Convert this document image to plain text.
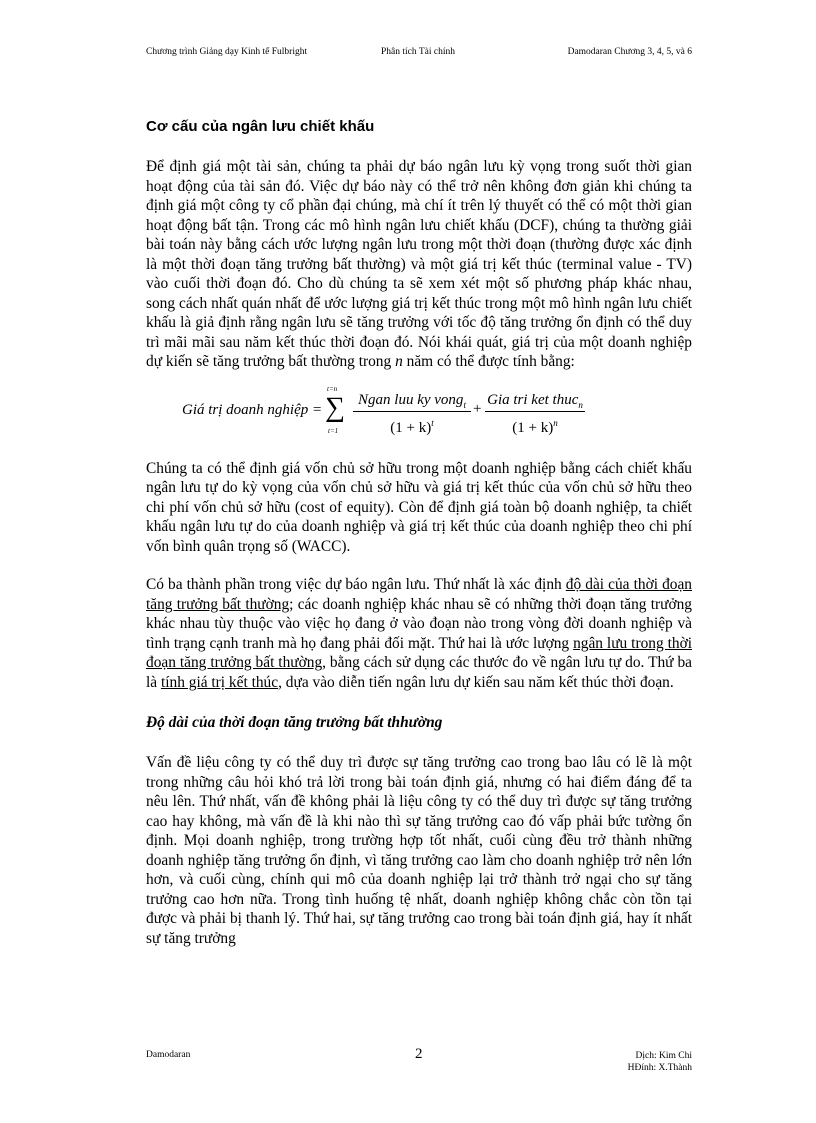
Chương trình Giảng dạy Kinh tế Fulbright	Phân tích Tài chính	Damodaran Chương 3, 4, 5, và 6
Cơ cấu của ngân lưu chiết khấu

Để định giá một tài sản, chúng ta phải dự báo ngân lưu kỳ vọng trong suốt thời gian hoạt động của tài sản đó. Việc dự báo này có thể trở nên không đơn giản khi chúng ta định giá một công ty cổ phần đại chúng, mà chí ít trên lý thuyết có thể có một thời gian hoạt động bất tận. Trong các mô hình ngân lưu chiết khấu (DCF), chúng ta thường giải bài toán này bằng cách ước lượng ngân lưu trong một thời đoạn (thường được xác định là một thời đoạn tăng trưởng bất thường) và một giá trị kết thúc (terminal value - TV) vào cuối thời đoạn đó. Cho dù chúng ta sẽ xem xét một số phương pháp khác nhau, song cách nhất quán nhất để ước lượng giá trị kết thúc trong một mô hình ngân lưu chiết khấu là giả định rằng ngân lưu sẽ tăng trưởng với tốc độ tăng trưởng ổn định có thể duy trì mãi mãi sau năm kết thúc thời đoạn đó. Nói khái quát, giá trị của một doanh nghiệp dự kiến sẽ tăng trưởng bất thường trong n năm có thể được tính bằng:

Giá trị doanh nghiệp =
t=n
∑
t=1
Ngan luu ky vong$_t$
$(1 + k)^t$
+
Gia tri ket thuc$_n$
$(1 + k)^n$

Chúng ta có thể định giá vốn chủ sở hữu trong một doanh nghiệp bằng cách chiết khấu ngân lưu tự do kỳ vọng của vốn chủ sở hữu và giá trị kết thúc của vốn chủ sở hữu theo chi phí vốn chủ sở hữu (cost of equity). Còn để định giá toàn bộ doanh nghiệp, ta chiết khấu ngân lưu tự do của doanh nghiệp và giá trị kết thúc của doanh nghiệp theo chi phí vốn bình quân trọng số (WACC).

Có ba thành phần trong việc dự báo ngân lưu. Thứ nhất là xác định độ dài của thời đoạn tăng trưởng bất thường; các doanh nghiệp khác nhau sẽ có những thời đoạn tăng trưởng khác nhau tùy thuộc vào việc họ đang ở vào đoạn nào trong vòng đời doanh nghiệp và tình trạng cạnh tranh mà họ đang phải đối mặt. Thứ hai là ước lượng ngân lưu trong thời đoạn tăng trưởng bất thường, bằng cách sử dụng các thước đo về ngân lưu tự do. Thứ ba là tính giá trị kết thúc, dựa vào diễn tiến ngân lưu dự kiến sau năm kết thúc thời đoạn.

Độ dài của thời đoạn tăng trưởng bất thhường

Vấn đề liệu công ty có thể duy trì được sự tăng trưởng cao trong bao lâu có lẽ là một trong những câu hỏi khó trả lời trong bài toán định giá, nhưng có hai điểm đáng để ta nêu lên. Thứ nhất, vấn đề không phải là liệu công ty có thể duy trì được sự tăng trưởng cao hay không, mà vấn đề là khi nào thì sự tăng trưởng cao đó vấp phải bức tường ổn định. Mọi doanh nghiệp, trong trường hợp tốt nhất, cuối cùng đều trở thành những doanh nghiệp tăng trưởng ổn định, vì tăng trưởng cao làm cho doanh nghiệp trở nên lớn hơn, và cuối cùng, chính qui mô của doanh nghiệp lại trở thành trở ngại cho sự tăng trưởng cao hơn nữa. Trong tình huống tệ nhất, doanh nghiệp không chắc còn tồn tại được và phải bị thanh lý. Thứ hai, sự tăng trưởng cao trong bài toán định giá, hay ít nhất sự tăng trưởng

Damodaran	2	Dịch: Kim Chi
HĐính: X.Thành
